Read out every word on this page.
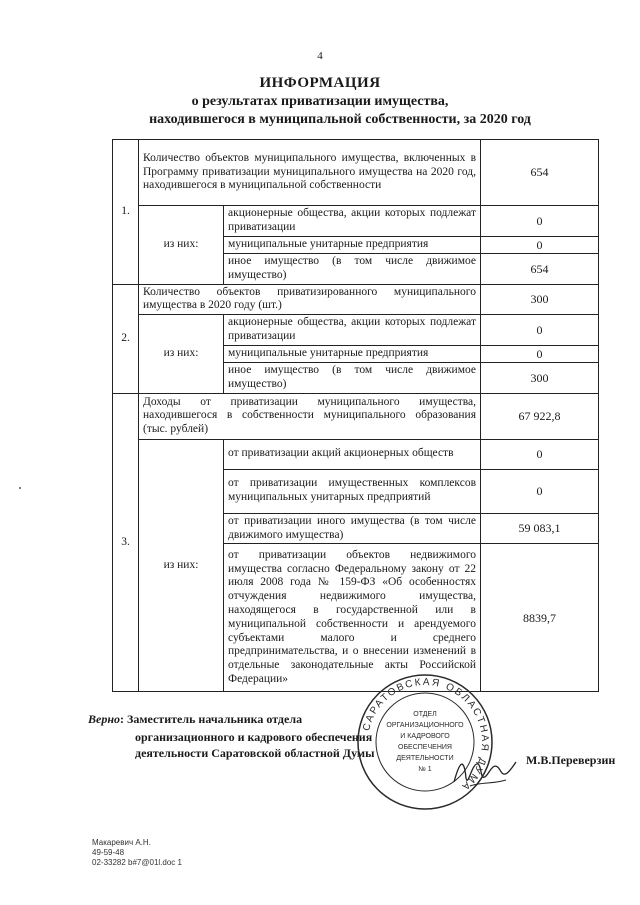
4
ИНФОРМАЦИЯ
о результатах приватизации имущества,
находившегося в муниципальной собственности, за 2020 год
1.	Количество объектов муниципального имущества, включенных в Программу приватизации муниципального имущества на 2020 год, находившегося в муниципальной собственности		654
	из них:	акционерные общества, акции которых подлежат приватизации	0
		муниципальные унитарные предприятия	0
		иное имущество (в том числе движимое имущество)	654
2.	Количество объектов приватизированного муниципального имущества в 2020 году (шт.)		300
	из них:	акционерные общества, акции которых подлежат приватизации	0
		муниципальные унитарные предприятия	0
		иное имущество (в том числе движимое имущество)	300
3.	Доходы от приватизации муниципального имущества, находившегося в собственности муниципального образования (тыс. рублей)		67 922,8
	из них:	от приватизации акций акционерных обществ	0
		от приватизации имущественных комплексов муниципальных унитарных предприятий	0
		от приватизации иного имущества (в том числе движимого имущества)	59 083,1
		от приватизации объектов недвижимого имущества согласно Федеральному закону от 22 июля 2008 года № 159-ФЗ «Об особенностях отчуждения недвижимого имущества, находящегося в государственной или в муниципальной собственности и арендуемого субъектами малого и среднего предпринимательства, и о внесении изменений в отдельные законодательные акты Российской Федерации»	8839,7
САРАТОВСКАЯ ОБЛАСТНАЯ ДУМА
ОТДЕЛ
ОРГАНИЗАЦИОННОГО
И КАДРОВОГО
ОБЕСПЕЧЕНИЯ
ДЕЯТЕЛЬНОСТИ
№ 1
Верно: Заместитель начальника отдела
организационного и кадрового обеспечения
деятельности Саратовской областной Думы	М.В.Переверзин
Макаревич А.Н.
49-59-48
02-33282 b#7@01l.doc 1
